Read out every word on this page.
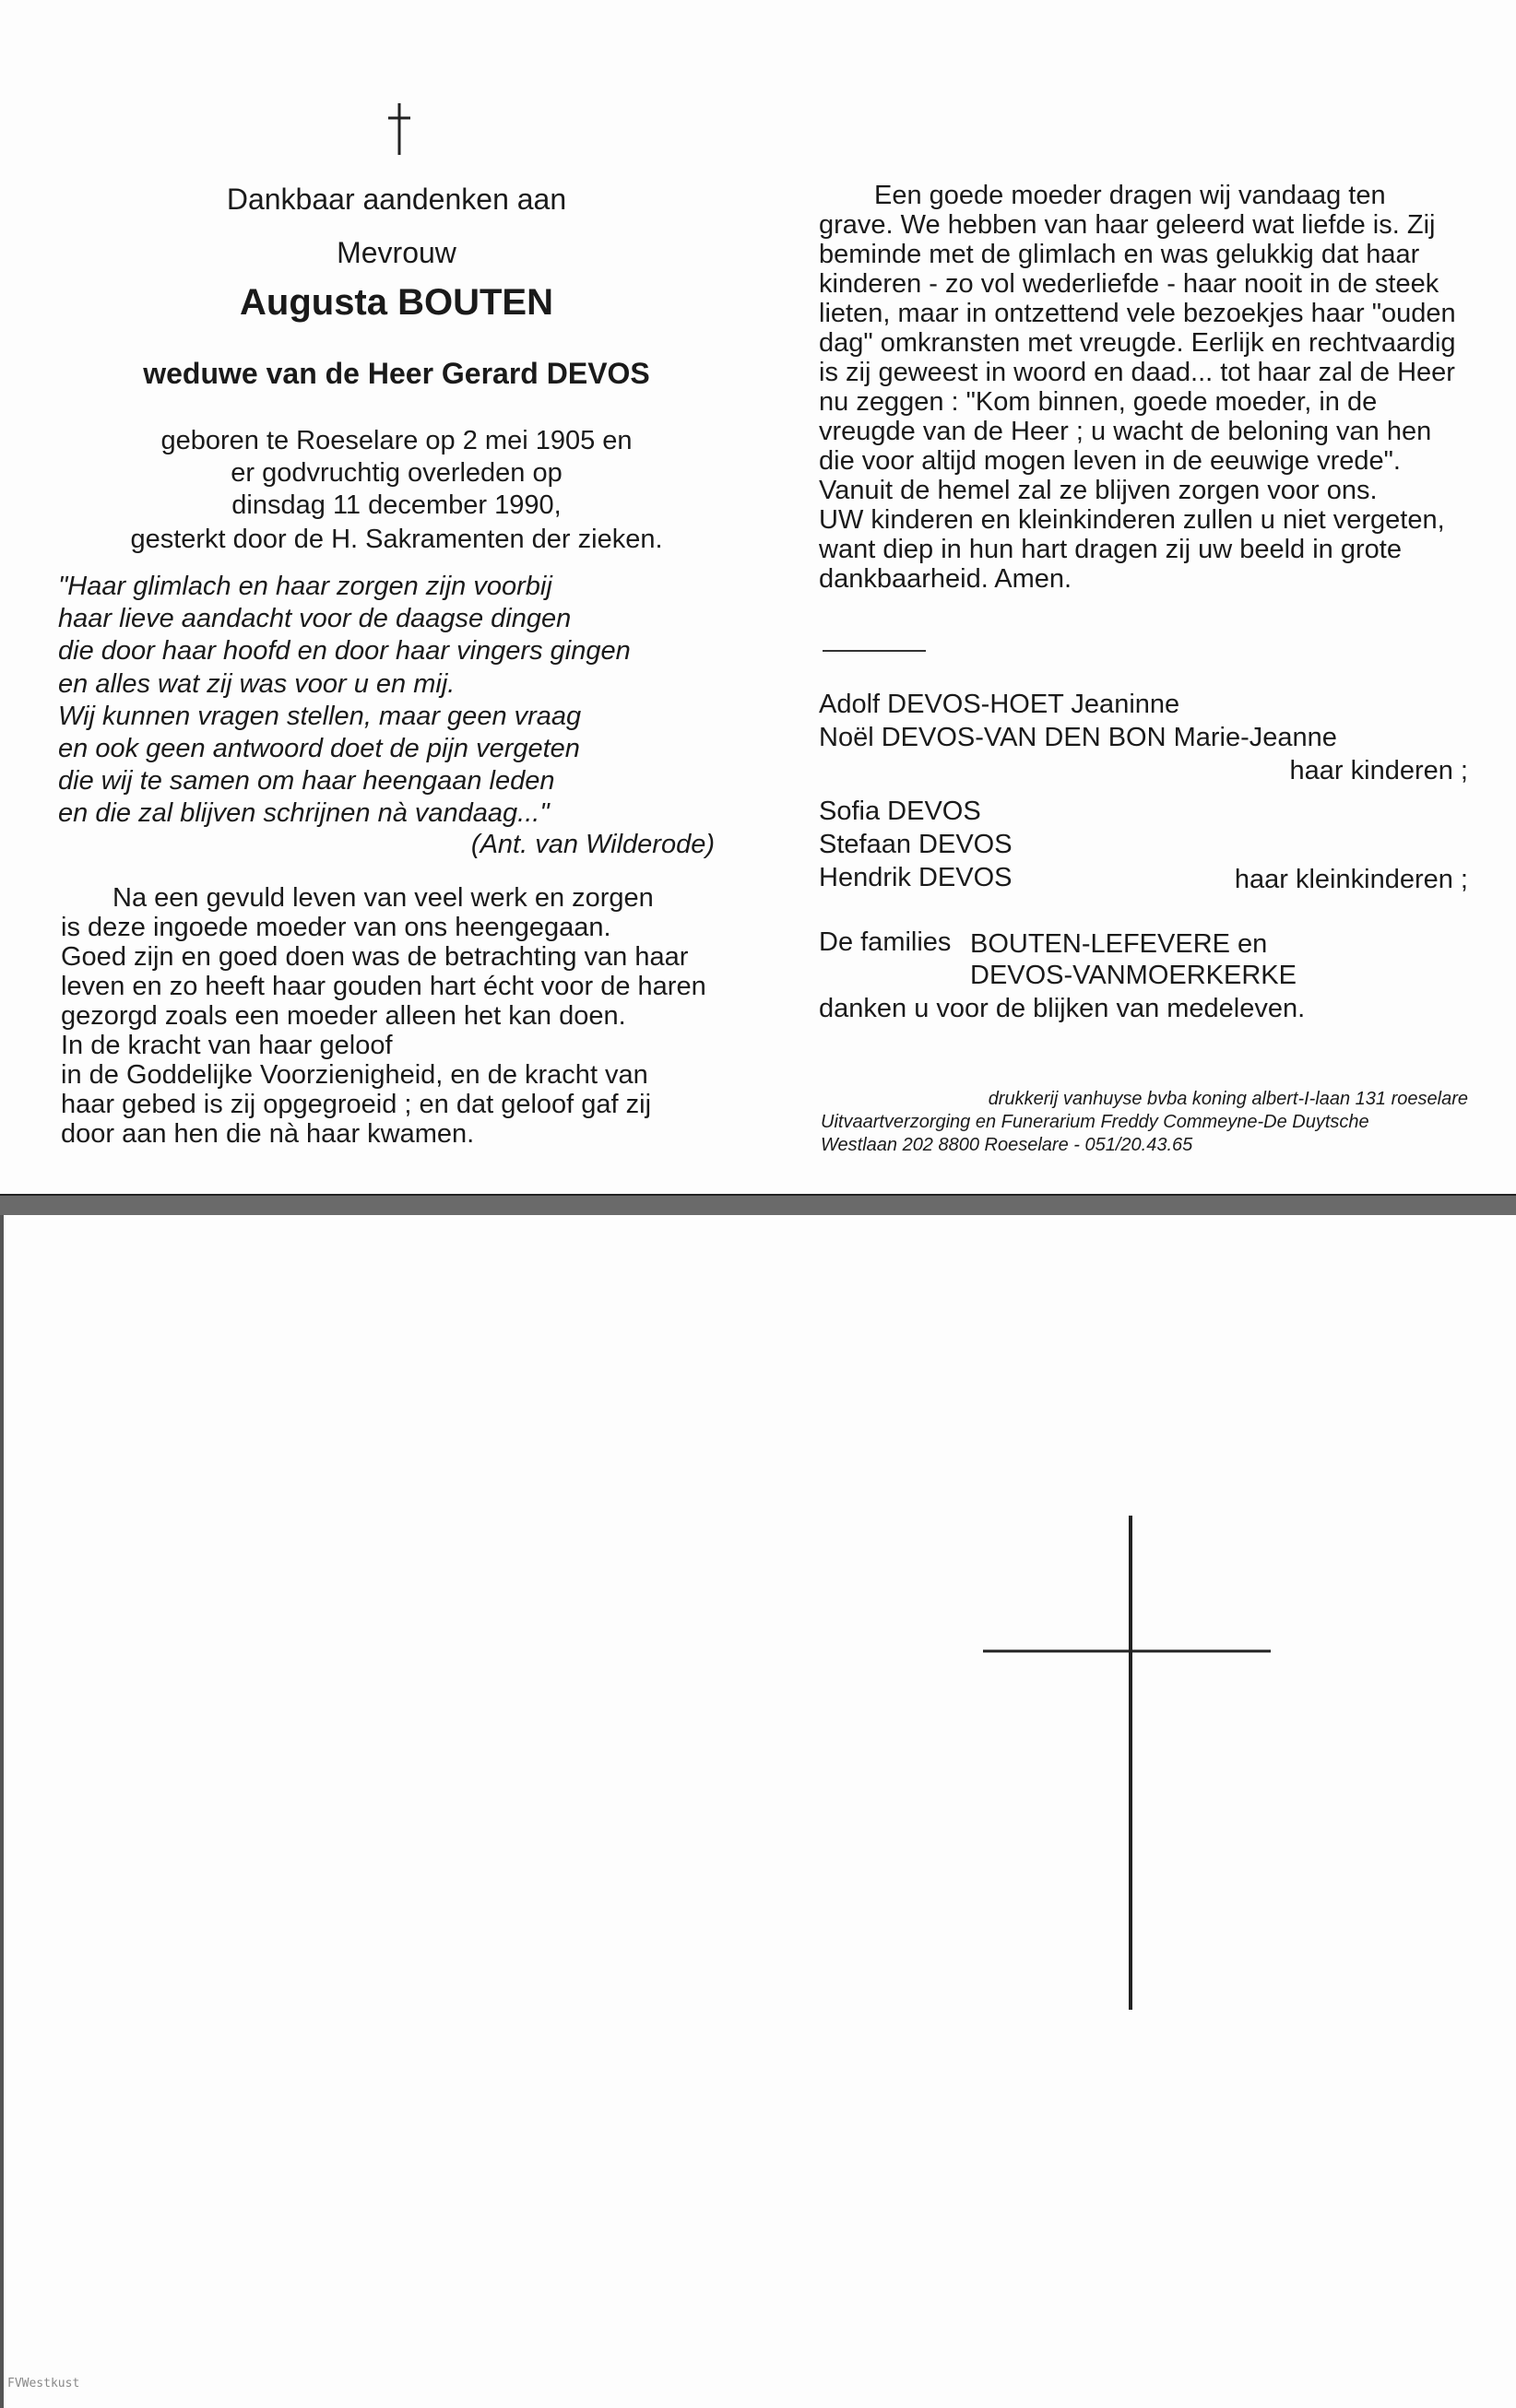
Dankbaar aandenken aan
Mevrouw
Augusta BOUTEN
weduwe van de Heer Gerard DEVOS
geboren te Roeselare op 2 mei 1905 en
er godvruchtig overleden op
dinsdag 11 december 1990,
gesterkt door de H. Sakramenten der zieken.
"Haar glimlach en haar zorgen zijn voorbij
haar lieve aandacht voor de daagse dingen
die door haar hoofd en door haar vingers gingen
en alles wat zij was voor u en mij.
Wij kunnen vragen stellen, maar geen vraag
en ook geen antwoord doet de pijn vergeten
die wij te samen om haar heengaan leden
en die zal blijven schrijnen nà vandaag..."
(Ant. van Wilderode)
Na een gevuld leven van veel werk en zorgen
is deze ingoede moeder van ons heengegaan.
Goed zijn en goed doen was de betrachting van haar
leven en zo heeft haar gouden hart écht voor de haren
gezorgd zoals een moeder alleen het kan doen.
In de kracht van haar geloof
in de Goddelijke Voorzienigheid, en de kracht van
haar gebed is zij opgegroeid ; en dat geloof gaf zij
door aan hen die nà haar kwamen.
Een goede moeder dragen wij vandaag ten
grave. We hebben van haar geleerd wat liefde is. Zij
beminde met de glimlach en was gelukkig dat haar
kinderen - zo vol wederliefde - haar nooit in de steek
lieten, maar in ontzettend vele bezoekjes haar "ouden
dag" omkransten met vreugde. Eerlijk en rechtvaardig
is zij geweest in woord en daad... tot haar zal de Heer
nu zeggen : "Kom binnen, goede moeder, in de
vreugde van de Heer ; u wacht de beloning van hen
die voor altijd mogen leven in de eeuwige vrede".
Vanuit de hemel zal ze blijven zorgen voor ons.
UW kinderen en kleinkinderen zullen u niet vergeten,
want diep in hun hart dragen zij uw beeld in grote
dankbaarheid. Amen.
Adolf DEVOS-HOET Jeaninne
Noël DEVOS-VAN DEN BON Marie-Jeanne
haar kinderen ;
Sofia DEVOS
Stefaan DEVOS
Hendrik DEVOS	haar kleinkinderen ;
De families BOUTEN-LEFEVERE en
DEVOS-VANMOERKERKE
danken u voor de blijken van medeleven.
drukkerij vanhuyse bvba koning albert-I-laan 131 roeselare
Uitvaartverzorging en Funerarium Freddy Commeyne-De Duytsche
Westlaan 202 8800 Roeselare - 051/20.43.65
FVWestkust
